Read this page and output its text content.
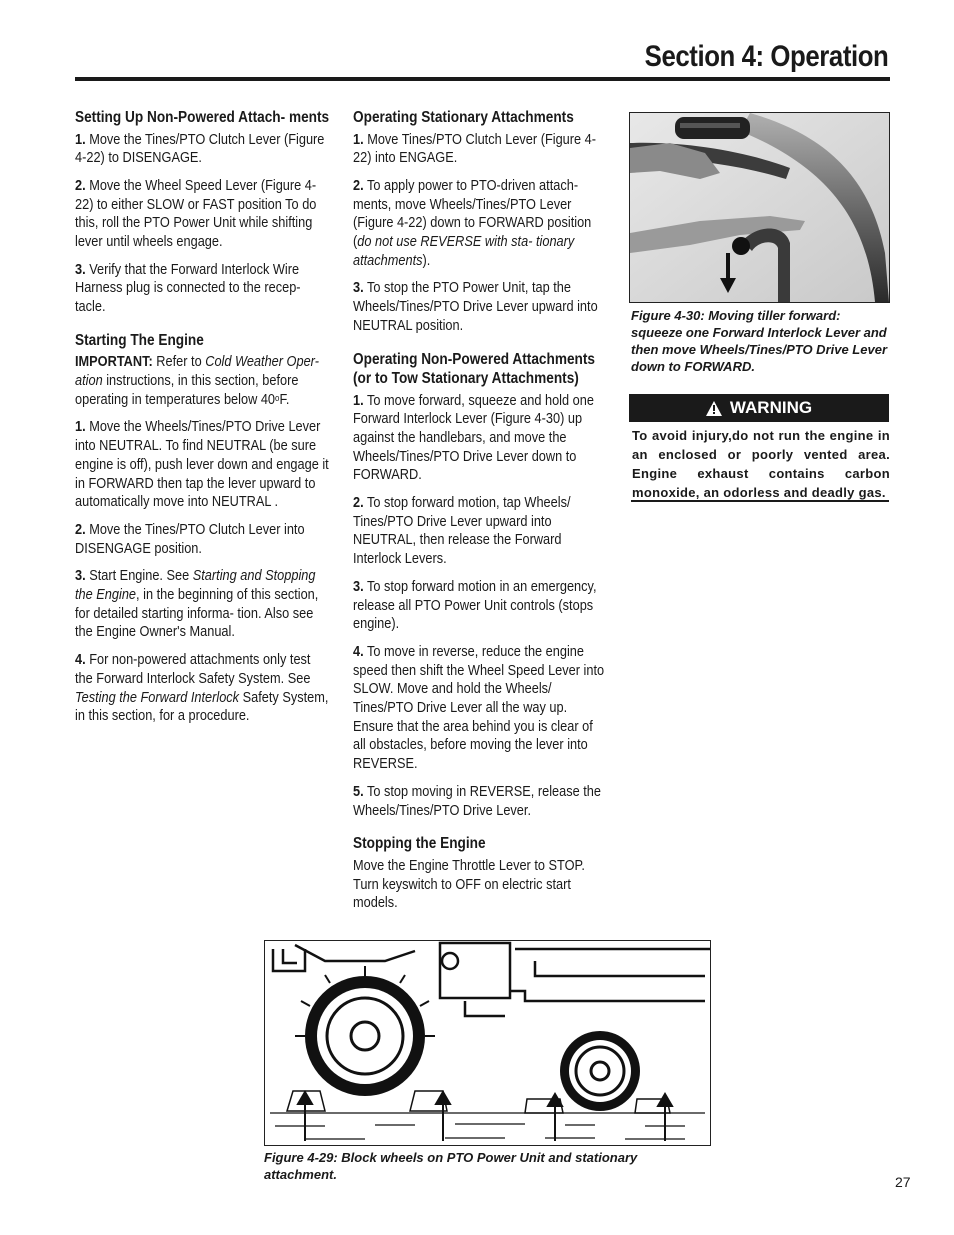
Section 4: Operation
Setting Up Non-Powered Attach- ments

1. Move the Tines/PTO Clutch Lever (Figure 4-22) to DISENGAGE.

2. Move the Wheel Speed Lever (Figure 4-22) to either SLOW or FAST position To do this, roll the PTO Power Unit while shifting lever until wheels engage.

3. Verify that the Forward Interlock Wire Harness plug is connected to the recep- tacle.

Starting The Engine

IMPORTANT: Refer to Cold Weather Oper- ation instructions, in this section, before operating in temperatures below 40$^o$F.

1. Move the Wheels/Tines/PTO Drive Lever into NEUTRAL. To find NEUTRAL (be sure engine is off), push lever down and engage it in FORWARD then tap the lever upward to automatically move into NEUTRAL .

2. Move the Tines/PTO Clutch Lever into DISENGAGE position.

3. Start Engine. See Starting and Stopping the Engine, in the beginning of this section, for detailed starting informa- tion. Also see the Engine Owner's Manual.

4. For non-powered attachments only test the Forward Interlock Safety System. See Testing the Forward Interlock Safety System, in this section, for a procedure.

Operating Stationary Attachments

1. Move Tines/PTO Clutch Lever (Figure 4-22) into ENGAGE.

2. To apply power to PTO-driven attach- ments, move Wheels/Tines/PTO Lever (Figure 4-22) down to FORWARD position (do not use REVERSE with sta- tionary attachments).

3. To stop the PTO Power Unit, tap the Wheels/Tines/PTO Drive Lever upward into NEUTRAL position.

Operating Non-Powered Attachments (or to Tow Stationary Attachments)

1. To move forward, squeeze and hold one Forward Interlock Lever (Figure 4-30) up against the handlebars, and move the Wheels/Tines/PTO Drive Lever down to FORWARD.

2. To stop forward motion, tap Wheels/ Tines/PTO Drive Lever upward into NEUTRAL, then release the Forward Interlock Levers.

3. To stop forward motion in an emergency, release all PTO Power Unit controls (stops engine).

4. To move in reverse, reduce the engine speed then shift the Wheel Speed Lever into SLOW. Move and hold the Wheels/ Tines/PTO Drive Lever all the way up. Ensure that the area behind you is clear of all obstacles, before moving the lever into REVERSE.

5. To stop moving in REVERSE, release the Wheels/Tines/PTO Drive Lever.

Stopping the Engine

Move the Engine Throttle Lever to STOP. Turn keyswitch to OFF on electric start models.

Figure 4-30: Moving tiller forward: squeeze one Forward Interlock Lever and then move Wheels/Tines/PTO Drive Lever down to FORWARD.
WARNING
To avoid injury,do not run the engine in an enclosed or poorly vented area. Engine exhaust contains carbon monoxide, an odorless and deadly gas.
Figure 4-29: Block wheels on PTO Power Unit and stationary attachment.	27
